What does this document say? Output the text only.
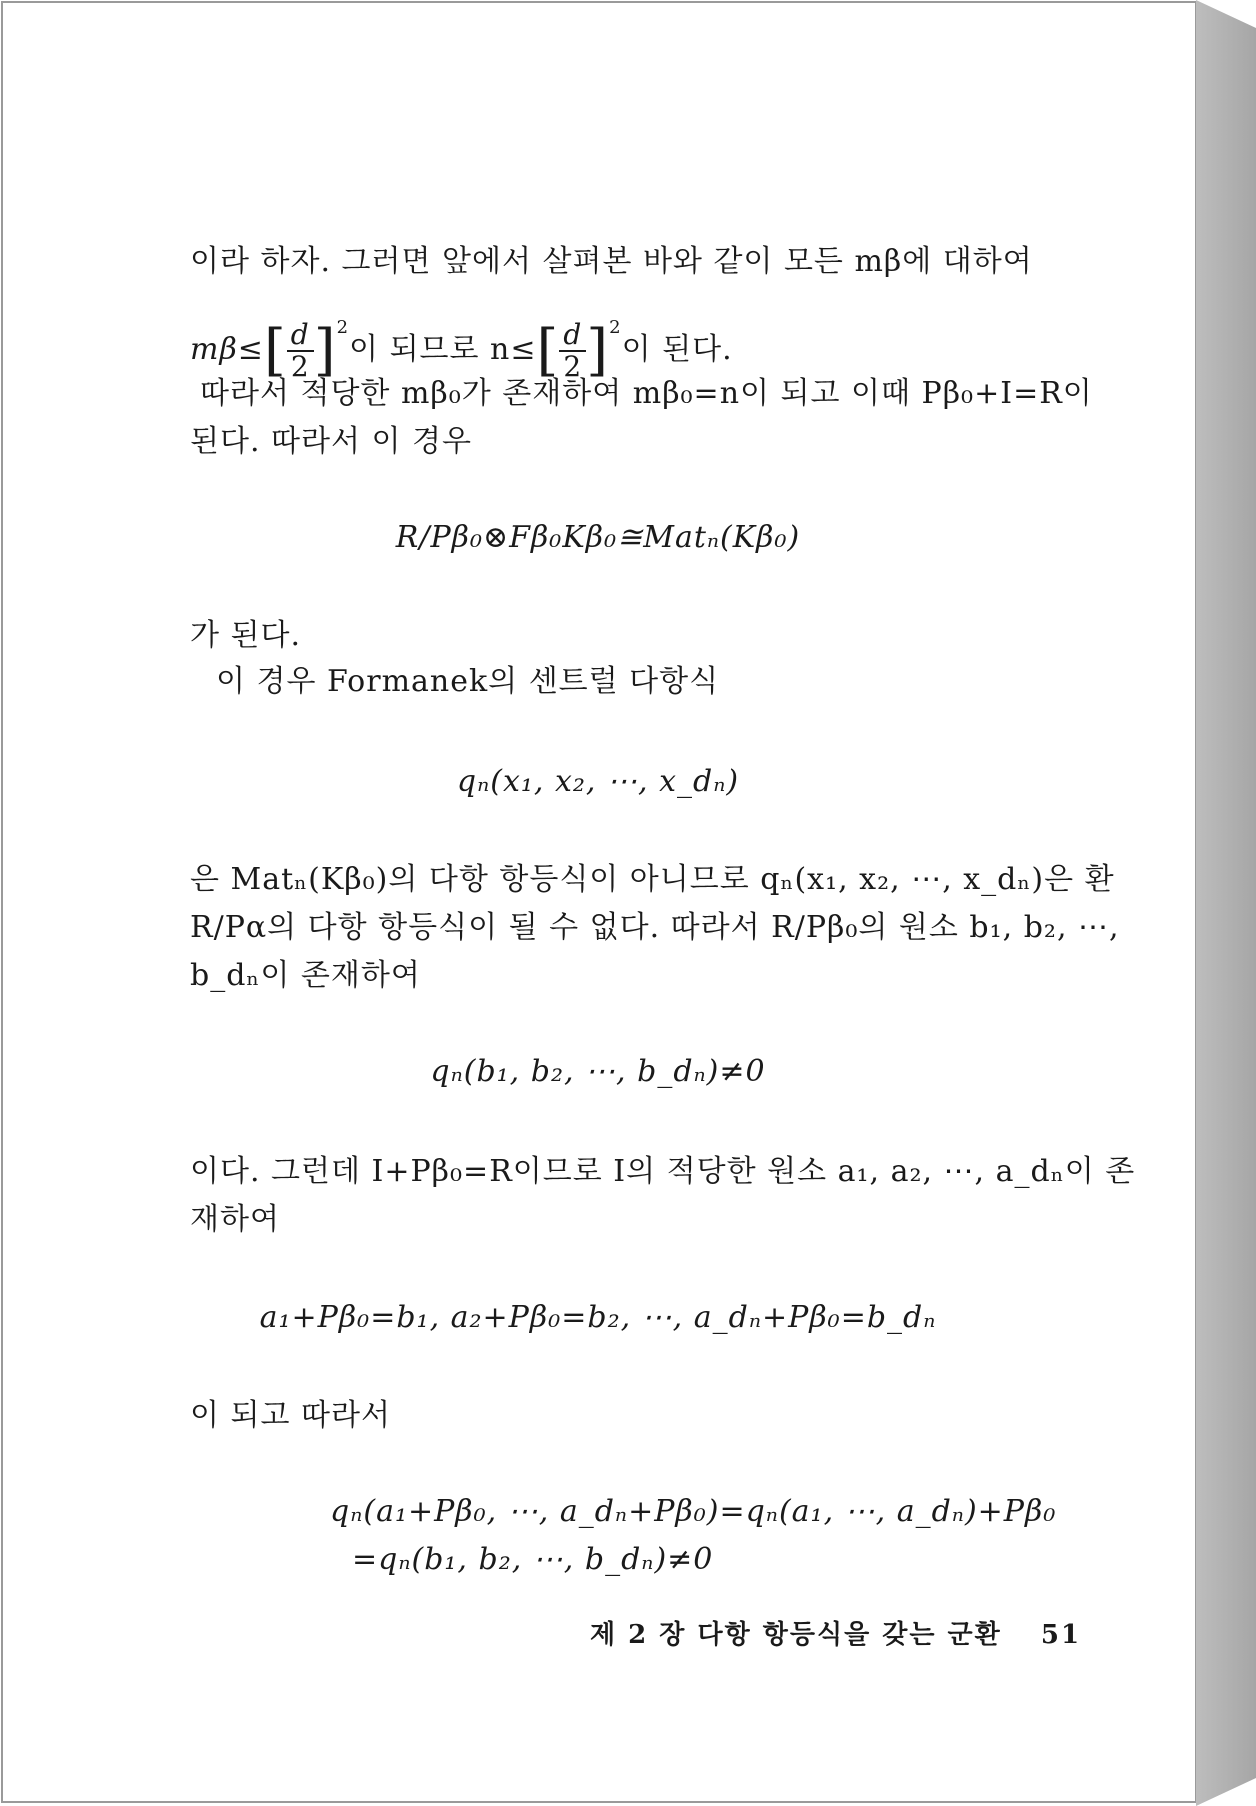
이라 하자. 그러면 앞에서 살펴본 바와 같이 모든 mβ에 대하여
$m\beta\le[ \frac{d}{2} ]^2$이 되므로 $n\le[ \frac{d}{2} ]^2$이 된다.
따라서 적당한 mβ₀가 존재하여 mβ₀=n이 되고 이때 Pβ₀+I=R이
된다. 따라서 이 경우
R/Pβ₀⊗Fβ₀Kβ₀≅Matₙ(Kβ₀)
가 된다.
이 경우 Formanek의 센트럴 다항식
qₙ(x₁, x₂, ⋯, x_dₙ)
은 Matₙ(Kβ₀)의 다항 항등식이 아니므로 qₙ(x₁, x₂, ⋯, x_dₙ)은 환
R/Pα의 다항 항등식이 될 수 없다. 따라서 R/Pβ₀의 원소 b₁, b₂, ⋯,
b_dₙ이 존재하여
qₙ(b₁, b₂, ⋯, b_dₙ)≠0
이다. 그런데 I+Pβ₀=R이므로 I의 적당한 원소 a₁, a₂, ⋯, a_dₙ이 존
재하여
a₁+Pβ₀=b₁, a₂+Pβ₀=b₂, ⋯, a_dₙ+Pβ₀=b_dₙ
이 되고 따라서
qₙ(a₁+Pβ₀, ⋯, a_dₙ+Pβ₀)=qₙ(a₁, ⋯, a_dₙ)+Pβ₀
=qₙ(b₁, b₂, ⋯, b_dₙ)≠0
제 2 장 다항 항등식을 갖는 군환 51
